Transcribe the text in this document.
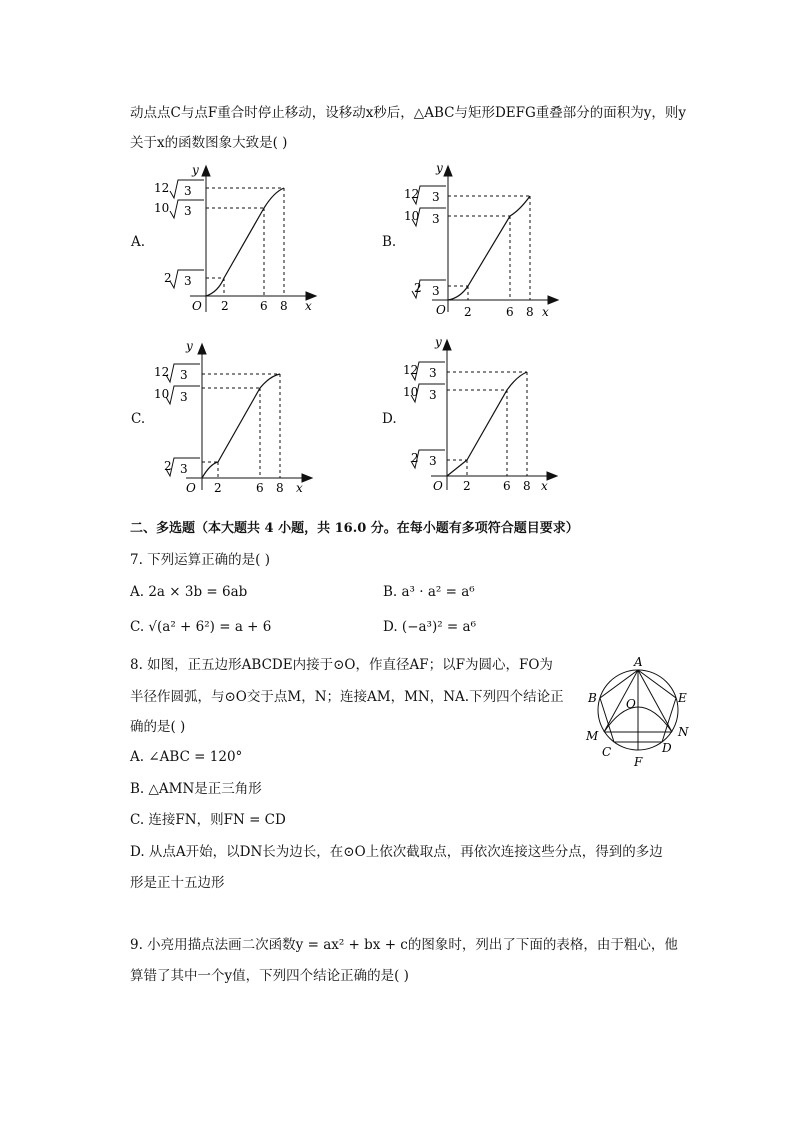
动点点C与点F重合时停止移动，设移动x秒后，△ABC与矩形DEFG重叠部分的面积为y，则y
关于x的函数图象大致是( )
A.
y
x
O 2	6 8
12
10
2
3
3
3
B.
y
x
O 2	6 8
12
10
2
3
3
3
C.
y
x
O 2	6 8
12
10
2
3
3
3
D.
y
x
O 2	6 8
12
10
2
3
3
3
二、多选题（本大题共 4 小题，共 16.0 分。在每小题有多项符合题目要求）
7. 下列运算正确的是( )
A. 2a × 3b = 6ab	B. a³ · a² = a⁶
C. √(a² + 6²) = a + 6	D. (−a³)² = a⁶
8. 如图，正五边形ABCDE内接于⊙O，作直径AF；以F为圆心，FO为
半径作圆弧，与⊙O交于点M，N；连接AM，MN，NA.下列四个结论正
确的是( )
A. ∠ABC = 120°
B. △AMN是正三角形
C. 连接FN，则FN = CD
D. 从点A开始，以DN长为边长，在⊙O上依次截取点，再依次连接这些分点，得到的多边
形是正十五边形
A
B	E
O
M	N
C	D
F
9. 小亮用描点法画二次函数y = ax² + bx + c的图象时，列出了下面的表格，由于粗心，他
算错了其中一个y值，下列四个结论正确的是( )
